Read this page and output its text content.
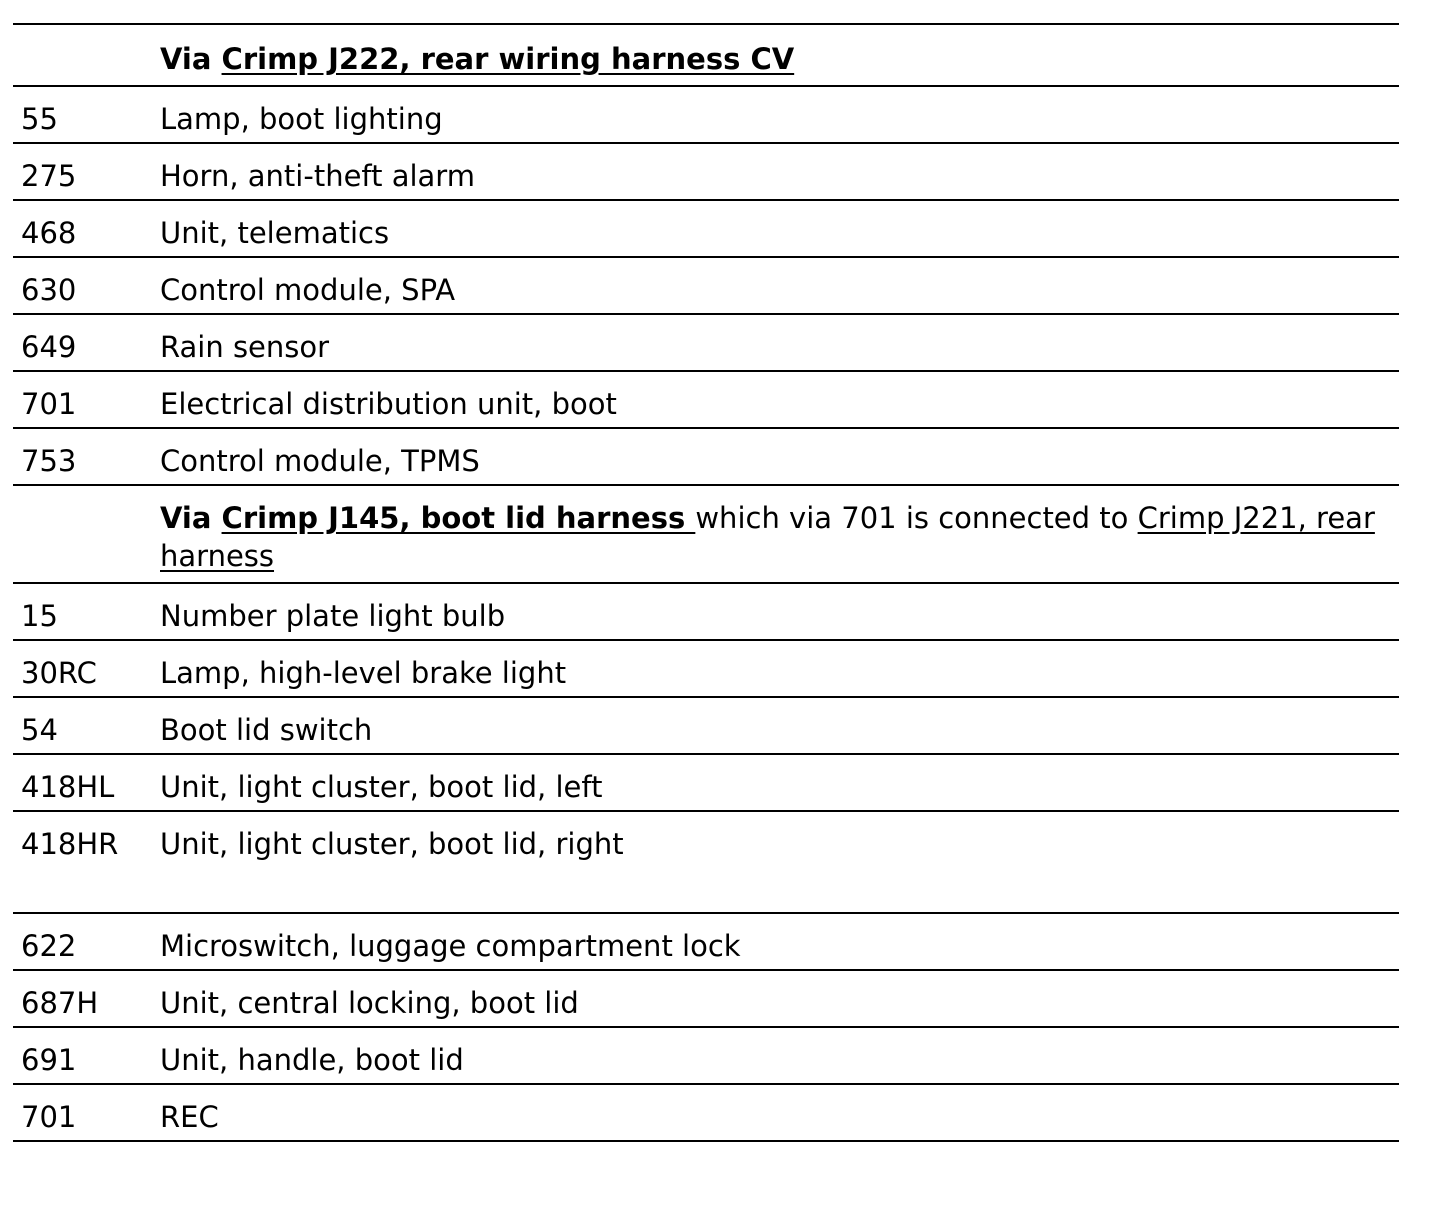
	Via Crimp J222, rear wiring harness CV
55	Lamp, boot lighting
275	Horn, anti-theft alarm
468	Unit, telematics
630	Control module, SPA
649	Rain sensor
701	Electrical distribution unit, boot
753	Control module, TPMS
	Via Crimp J145, boot lid harness which via 701 is connected to Crimp J221, rear harness
15	Number plate light bulb
30RC	Lamp, high-level brake light
54	Boot lid switch
418HL	Unit, light cluster, boot lid, left
418HR	Unit, light cluster, boot lid, right
622	Microswitch, luggage compartment lock
687H	Unit, central locking, boot lid
691	Unit, handle, boot lid
701	REC
